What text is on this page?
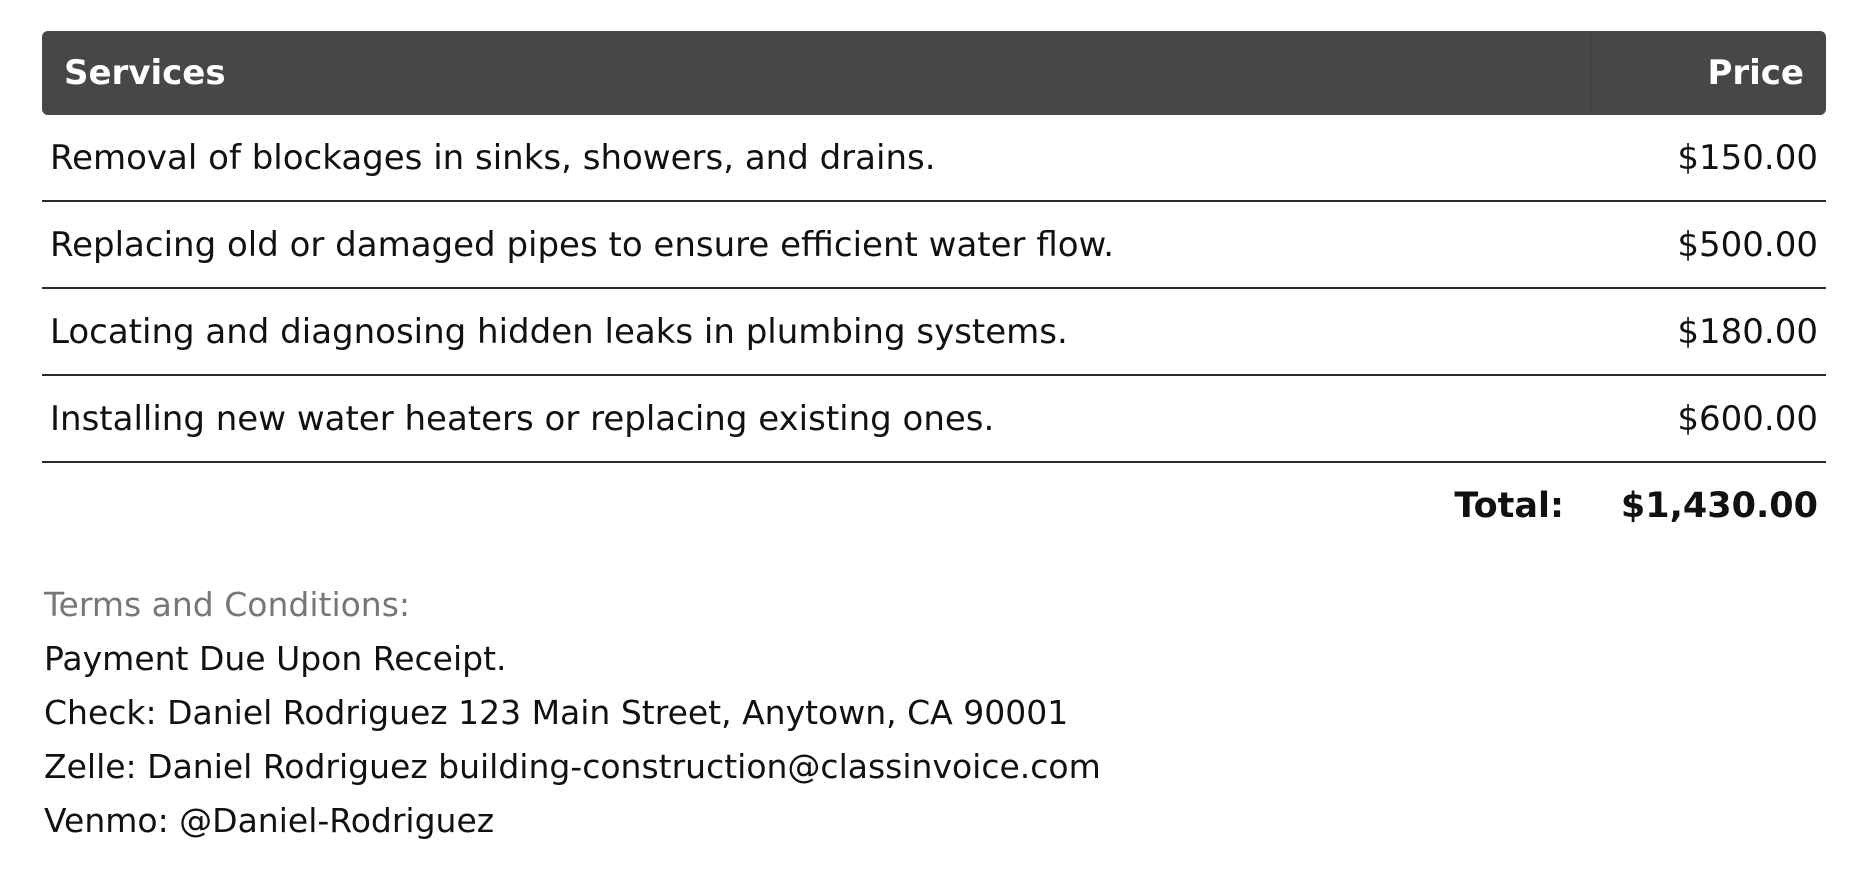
Services	Price
Removal of blockages in sinks, showers, and drains.	$150.00
Replacing old or damaged pipes to ensure efficient water flow.	$500.00
Locating and diagnosing hidden leaks in plumbing systems.	$180.00
Installing new water heaters or replacing existing ones.	$600.00
Total:	$1,430.00
Terms and Conditions:
Payment Due Upon Receipt.
Check: Daniel Rodriguez 123 Main Street, Anytown, CA 90001
Zelle: Daniel Rodriguez building-construction@classinvoice.com
Venmo: @Daniel-Rodriguez
